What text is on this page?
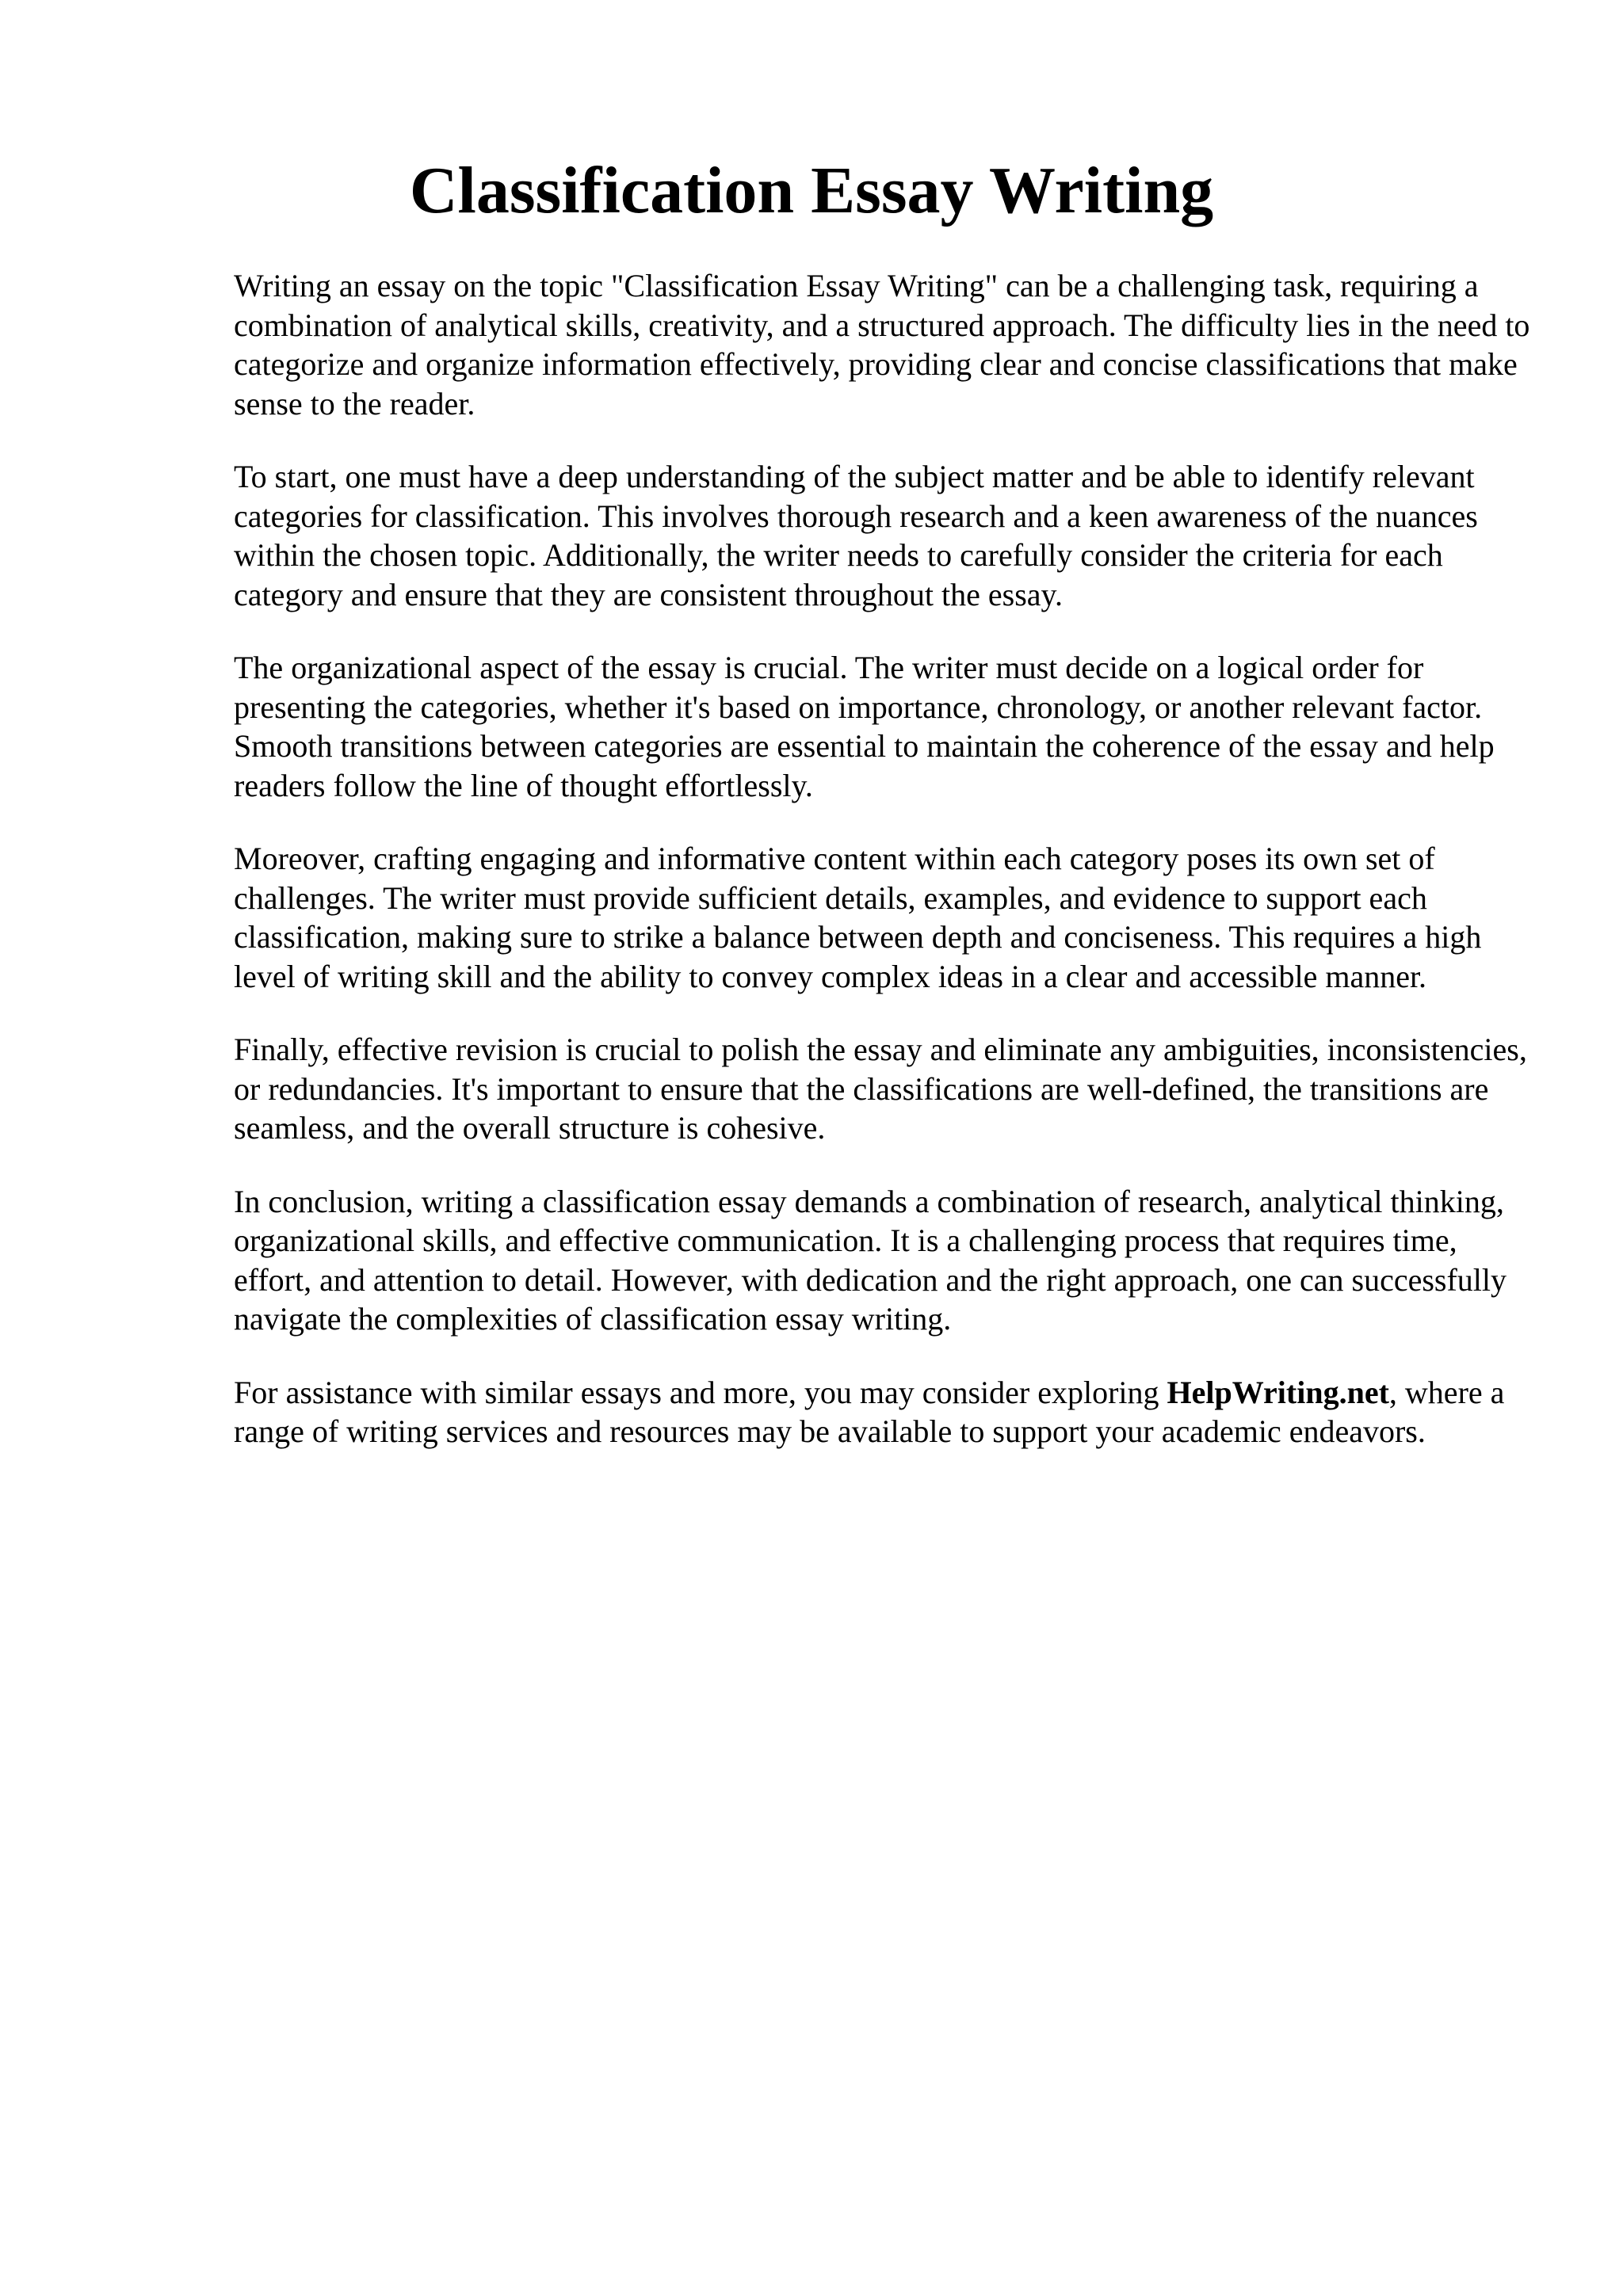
Classification Essay Writing

Writing an essay on the topic "Classification Essay Writing" can be a challenging task, requiring a combination of analytical skills, creativity, and a structured approach. The difficulty lies in the need to categorize and organize information effectively, providing clear and concise classifications that make sense to the reader.

To start, one must have a deep understanding of the subject matter and be able to identify relevant categories for classification. This involves thorough research and a keen awareness of the nuances within the chosen topic. Additionally, the writer needs to carefully consider the criteria for each category and ensure that they are consistent throughout the essay.

The organizational aspect of the essay is crucial. The writer must decide on a logical order for presenting the categories, whether it's based on importance, chronology, or another relevant factor. Smooth transitions between categories are essential to maintain the coherence of the essay and help readers follow the line of thought effortlessly.

Moreover, crafting engaging and informative content within each category poses its own set of challenges. The writer must provide sufficient details, examples, and evidence to support each classification, making sure to strike a balance between depth and conciseness. This requires a high level of writing skill and the ability to convey complex ideas in a clear and accessible manner.

Finally, effective revision is crucial to polish the essay and eliminate any ambiguities, inconsistencies, or redundancies. It's important to ensure that the classifications are well-defined, the transitions are seamless, and the overall structure is cohesive.

In conclusion, writing a classification essay demands a combination of research, analytical thinking, organizational skills, and effective communication. It is a challenging process that requires time, effort, and attention to detail. However, with dedication and the right approach, one can successfully navigate the complexities of classification essay writing.

For assistance with similar essays and more, you may consider exploring HelpWriting.net, where a range of writing services and resources may be available to support your academic endeavors.
